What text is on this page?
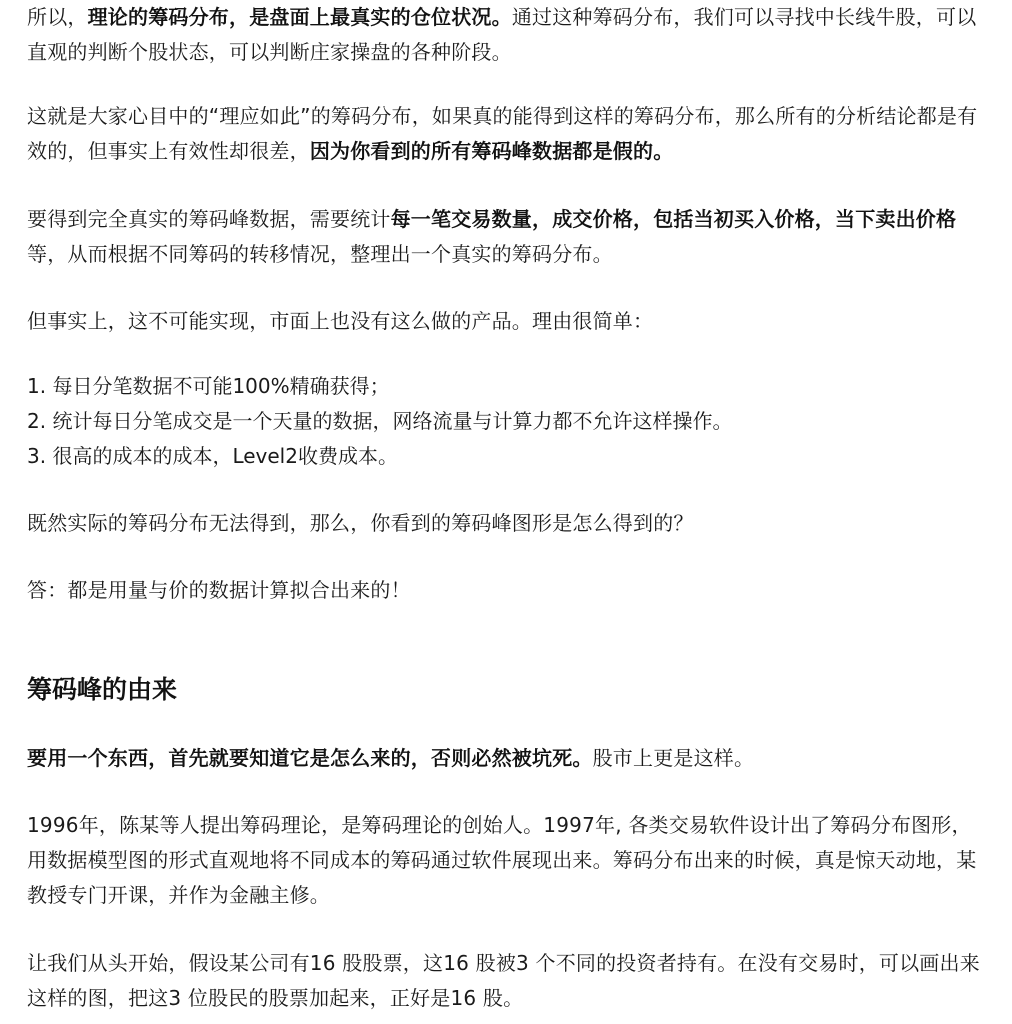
所以，理论的筹码分布，是盘面上最真实的仓位状况。通过这种筹码分布，我们可以寻找中长线牛股，可以直观的判断个股状态，可以判断庄家操盘的各种阶段。

这就是大家心目中的“理应如此”的筹码分布，如果真的能得到这样的筹码分布，那么所有的分析结论都是有效的，但事实上有效性却很差，因为你看到的所有筹码峰数据都是假的。

要得到完全真实的筹码峰数据，需要统计每一笔交易数量，成交价格，包括当初买入价格，当下卖出价格等，从而根据不同筹码的转移情况，整理出一个真实的筹码分布。

但事实上，这不可能实现，市面上也没有这么做的产品。理由很简单：

1. 每日分笔数据不可能100%精确获得；
2. 统计每日分笔成交是一个天量的数据，网络流量与计算力都不允许这样操作。
3. 很高的成本的成本，Level2收费成本。

既然实际的筹码分布无法得到，那么，你看到的筹码峰图形是怎么得到的？

答：都是用量与价的数据计算拟合出来的！

筹码峰的由来

要用一个东西，首先就要知道它是怎么来的，否则必然被坑死。股市上更是这样。

1996年，陈某等人提出筹码理论，是筹码理论的创始人。1997年, 各类交易软件设计出了筹码分布图形，用数据模型图的形式直观地将不同成本的筹码通过软件展现出来。筹码分布出来的时候，真是惊天动地，某教授专门开课，并作为金融主修。

让我们从头开始，假设某公司有16 股股票，这16 股被3 个不同的投资者持有。在没有交易时，可以画出来这样的图，把这3 位股民的股票加起来，正好是16 股。
